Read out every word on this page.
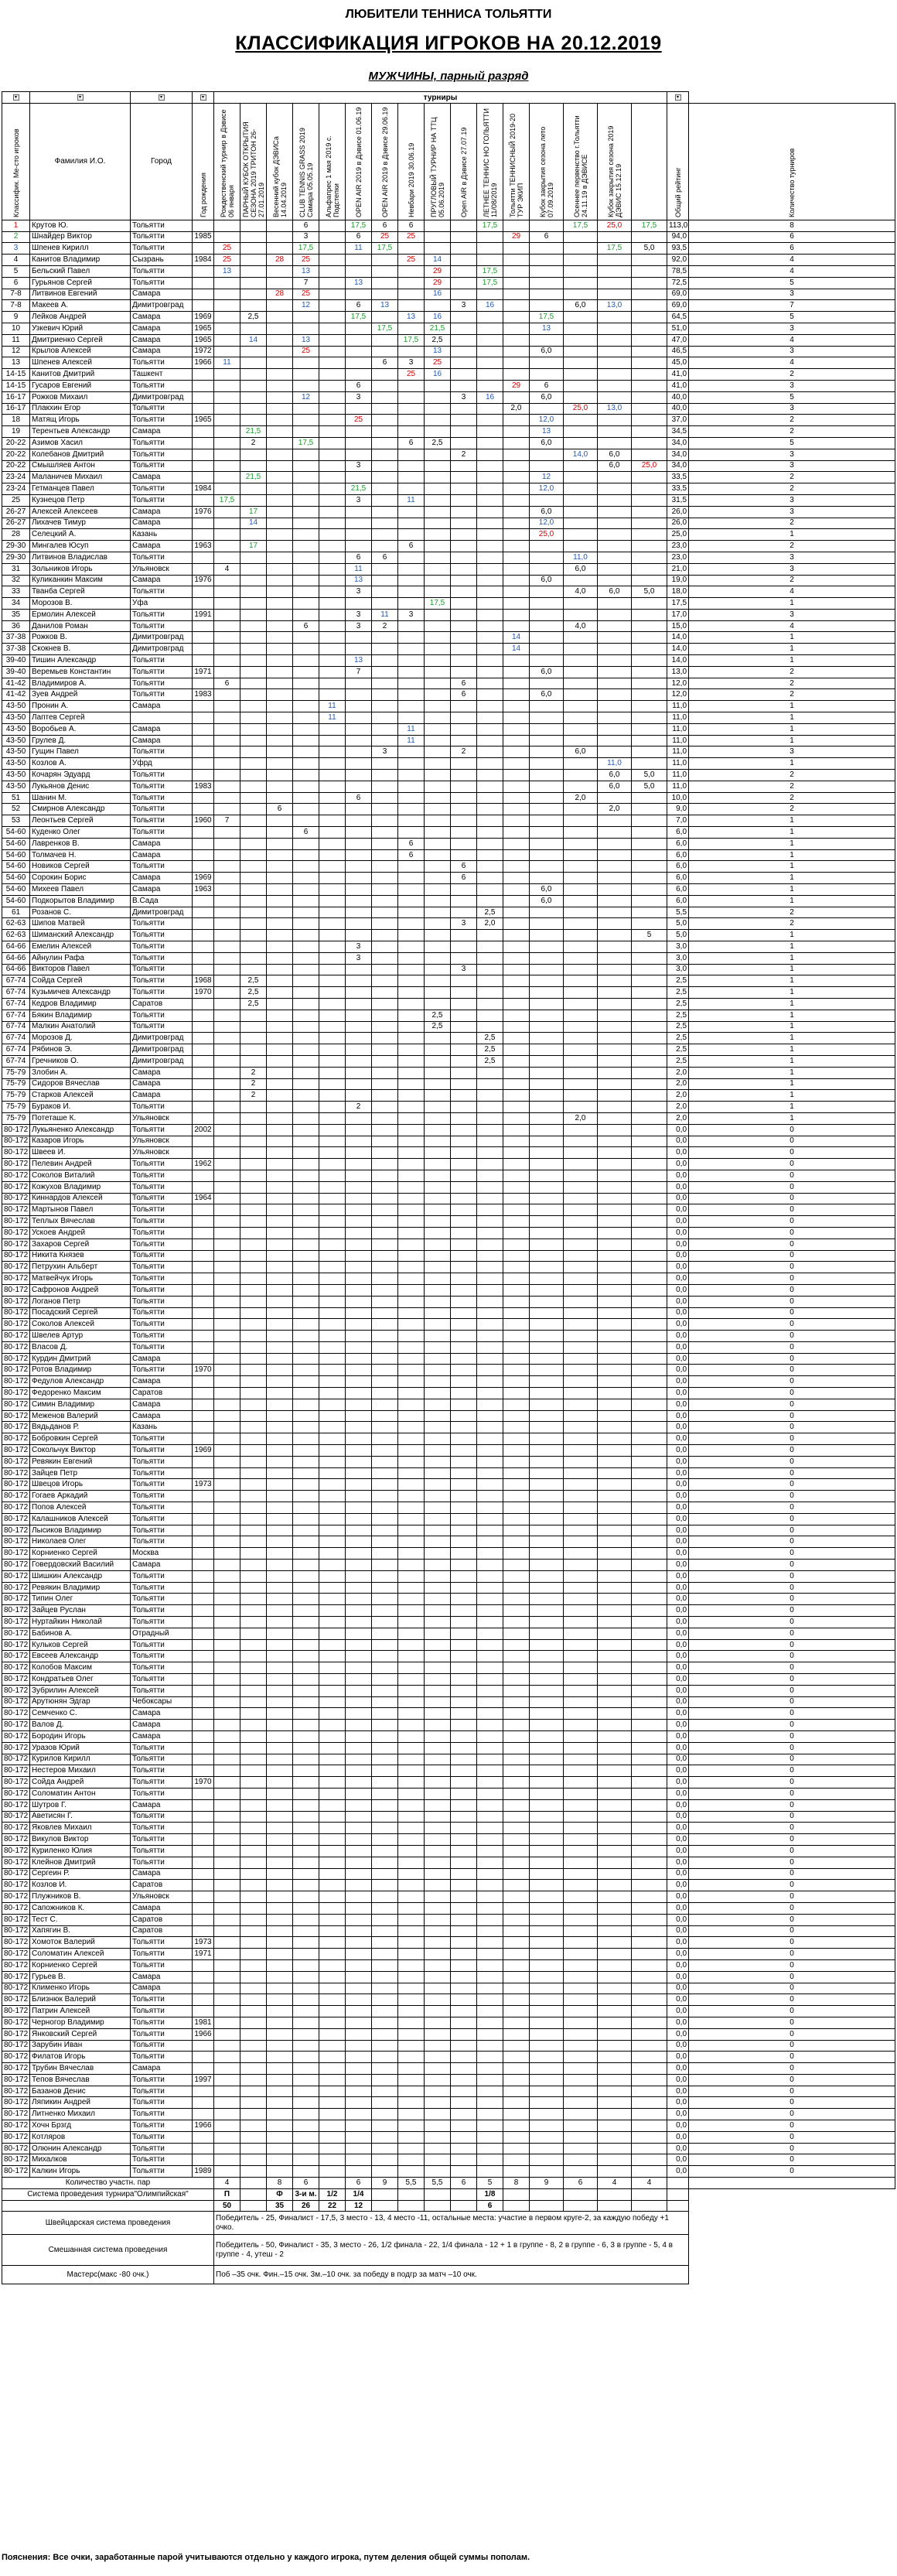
ЛЮБИТЕЛИ ТЕННИСА ТОЛЬЯТТИ
КЛАССИФИКАЦИЯ ИГРОКОВ НА 20.12.2019
МУЖЧИНЫ, парный разряд
▾	▾	▾	▾	турниры																▾	

Классифик. Ме-сто игроков	Фамилия И.О.	Город	Год рождения	Рождественский турнир в Дэвисе 06 января	ПАРНЫЙ КУБОК ОТКРЫТИЯ СЕЗОНА 2019 ТРИТОН 26-27.01.2019	Весенний кубок ДЭВИСа 14.04.2019	CLUB TENNIS GRASS 2019 Самара 05.05.19	Альфапрес 1 мая 2019 с. Подстепки	OPEN AIR 2019 в Дэвисе 01.06.19	OPEN AIR 2019 в Дэвисе 29.06.19	Невбари 2019 30.06.19	ПРУГЛОВЫЙ ТУРНИР НА ТТЦ 05.06.2019	Open AIR в Дэвисе 27.07.19	ЛЕТНЕЕ ТЕННИС НО ГОЛЬЯТТИ 11/08/2019	Тольятти ТЕННИСНЫЙ 2019-20 ТУР ЭКИП	Кубок закрытия сезона лето 07.09.2019	Осеннее первенство г.Тольятти 24.11.19 в ДЭВИСЕ	Кубок закрытия сезона 2019 ДЭВИС 15.12.19		Общий рейтинг	Количество турниров

1	Крутов Ю.	Тольятти					6		17,5	6	6			17,5			17,5	25,0	17,5	113,0	8
2	Шнайдер Виктор	Тольятти	1985				3		6	25	25				29	6				94,0	6
3	Шпенев Кирилл	Тольятти		25			17,5		11	17,5								17,5	5,0	93,5	6
4	Канитов Владимир	Сызрань	1984	25		28	25				25	14								92,0	4
5	Бельский Павел	Тольятти		13			13					29		17,5						78,5	4
6	Гурьянов Сергей	Тольятти					7		13			29		17,5						72,5	5
7-8	Литвинов Евгений	Самара				28	25					16								69,0	3
7-8	Макеев А.	Димитровград					12		6	13			3	16			6,0	13,0		69,0	7
9	Лейков Андрей	Самара	1969		2,5				17,5		13	16				17,5				64,5	5
10	Узкевич Юрий	Самара	1965							17,5		21,5				13				51,0	3
11	Дмитриенко Сергей	Самара	1965		14		13				17,5	2,5								47,0	4
12	Крылов Алексей	Самара	1972				25					13				6,0				46,5	3
13	Шпенев Алексей	Тольятти	1966	11						6	3	25								45,0	4
14-15	Канитов Дмитрий	Ташкент									25	16								41,0	2
14-15	Гусаров Евгений	Тольятти							6						29	6				41,0	3
16-17	Рожков Михаил	Димитровград					12		3				3	16		6,0				40,0	5
16-17	Плакхин Егор	Тольятти													2,0		25,0	13,0		40,0	3
18	Матящ Игорь	Тольятти	1965						25							12,0				37,0	2
19	Терентьев Александр	Самара			21,5											13				34,5	2
20-22	Азимов Хасил	Тольятти			2		17,5				6	2,5				6,0				34,0	5
20-22	Колебанов Дмитрий	Тольятти											2				14,0	6,0		34,0	3
20-22	Смышляев Антон	Тольятти							3									6,0	25,0	34,0	3
23-24	Маланичев Михаил	Самара			21,5											12				33,5	2
23-24	Гетманцев Павел	Тольятти	1984						21,5							12,0				33,5	2
25	Кузнецов Петр	Тольятти		17,5					3		11									31,5	3
26-27	Алексей Алексеев	Самара	1976		17											6,0				26,0	3
26-27	Лихачев Тимур	Самара			14											12,0				26,0	2
28	Селецкий А.	Казань														25,0				25,0	1
29-30	Мингалев Юсуп	Самара	1963		17						6									23,0	2
29-30	Литвинов Владислав	Тольятти							6	6							11,0			23,0	3
31	Зольников Игорь	Ульяновск		4					11								6,0			21,0	3
32	Куликанкин Максим	Самара	1976						13							6,0				19,0	2
33	Тванба Сергей	Тольятти							3								4,0	6,0	5,0	18,0	4
34	Морозов В.	Уфа										17,5								17,5	1
35	Ермолин Алексей	Тольятти	1991						3	11	3									17,0	3
36	Данилов Роман	Тольятти					6		3	2							4,0			15,0	4
37-38	Рожков В.	Димитровград													14					14,0	1
37-38	Скокнев В.	Димитровград													14					14,0	1
39-40	Тишин Александр	Тольятти							13											14,0	1
39-40	Веремьев Константин	Тольятти	1971						7							6,0				13,0	2
41-42	Владимиров А.	Тольятти		6									6							12,0	2
41-42	Зуев Андрей	Тольятти	1983										6			6,0				12,0	2
43-50	Пронин А.	Самара						11												11,0	1
43-50	Лаптев Сергей							11												11,0	1
43-50	Воробьев А.	Самара									11									11,0	1
43-50	Грулев Д.	Самара									11									11,0	1
43-50	Гущин Павел	Тольятти								3			2				6,0			11,0	3
43-50	Козлов А.	Уфрд																11,0		11,0	1
43-50	Кочарян Эдуард	Тольятти																6,0	5,0	11,0	2
43-50	Лукьянов Денис	Тольятти	1983															6,0	5,0	11,0	2
51	Шанин М.	Тольятти							6								2,0			10,0	2
52	Смирнов Александр	Тольятти				6												2,0		9,0	2
53	Леонтьев Сергей	Тольятти	1960	7																7,0	1
54-60	Куденко Олег	Тольятти					6													6,0	1
54-60	Лавренков В.	Самара									6									6,0	1
54-60	Толмачев Н.	Самара									6									6,0	1
54-60	Новиков Сергей	Тольятти											6							6,0	1
54-60	Сорокин Борис	Самара	1969										6							6,0	1
54-60	Михеев Павел	Самара	1963													6,0				6,0	1
54-60	Подкорытов Владимир	В.Сада														6,0				6,0	1
61	Розанов С.	Димитровград												2,5						5,5	2
62-63	Шипов Матвей	Тольятти											3	2,0						5,0	2
62-63	Шиманский Александр	Тольятти																	5	5,0	1
64-66	Емелин Алексей	Тольятти							3											3,0	1
64-66	Айнулин Рафа	Тольятти							3											3,0	1
64-66	Викторов Павел	Тольятти											3							3,0	1
67-74	Сойда Сергей	Тольятти	1968		2,5															2,5	1
67-74	Кузьмичев Александр	Тольятти	1970		2,5															2,5	1
67-74	Кедров Владимир	Саратов			2,5															2,5	1
67-74	Бякин Владимир	Тольятти										2,5								2,5	1
67-74	Малкин Анатолий	Тольятти										2,5								2,5	1
67-74	Морозов Д.	Димитровград												2,5						2,5	1
67-74	Рябинов Э.	Димитровград												2,5						2,5	1
67-74	Гречников О.	Димитровград												2,5						2,5	1
75-79	Злобин А.	Самара			2															2,0	1
75-79	Сидоров Вячеслав	Самара			2															2,0	1
75-79	Старков Алексей	Самара			2															2,0	1
75-79	Бураков И.	Тольятти							2											2,0	1
75-79	Потеташе К.	Ульяновск															2,0			2,0	1
80-172	Лукьяненко Александр	Тольятти	2002																	0,0	0
80-172	Казаров Игорь	Ульяновск																		0,0	0
80-172	Швеев И.	Ульяновск																		0,0	0
80-172	Пелевин Андрей	Тольятти	1962																	0,0	0
80-172	Соколов Виталий	Тольятти																		0,0	0
80-172	Кожухов Владимир	Тольятти																		0,0	0
80-172	Киннардов Алексей	Тольятти	1964																	0,0	0
80-172	Мартынов Павел	Тольятти																		0,0	0
80-172	Теплых Вячеслав	Тольятти																		0,0	0
80-172	Ускоев Андрей	Тольятти																		0,0	0
80-172	Захаров Сергей	Тольятти																		0,0	0
80-172	Никита Князев	Тольятти																		0,0	0
80-172	Петрухин Альберт	Тольятти																		0,0	0
80-172	Матвейчук Игорь	Тольятти																		0,0	0
80-172	Сафронов Андрей	Тольятти																		0,0	0
80-172	Логанов Петр	Тольятти																		0,0	0
80-172	Посадский Сергей	Тольятти																		0,0	0
80-172	Соколов Алексей	Тольятти																		0,0	0
80-172	Швелев Артур	Тольятти																		0,0	0
80-172	Власов Д.	Тольятти																		0,0	0
80-172	Курдин Дмитрий	Самара																		0,0	0
80-172	Ротов Владимир	Тольятти	1970																	0,0	0
80-172	Федулов Александр	Самара																		0,0	0
80-172	Федоренко Максим	Саратов																		0,0	0
80-172	Симин Владимир	Самара																		0,0	0
80-172	Меженов Валерий	Самара																		0,0	0
80-172	Вядьданов Р.	Казань																		0,0	0
80-172	Бобровкин Сергей	Тольятти																		0,0	0
80-172	Сокольчук Виктор	Тольятти	1969																	0,0	0
80-172	Ревякин Евгений	Тольятти																		0,0	0
80-172	Зайцев Петр	Тольятти																		0,0	0
80-172	Швецов Игорь	Тольятти	1973																	0,0	0
80-172	Гогаев Аркадий	Тольятти																		0,0	0
80-172	Попов Алексей	Тольятти																		0,0	0
80-172	Калашников Алексей	Тольятти																		0,0	0
80-172	Лысиков Владимир	Тольятти																		0,0	0
80-172	Николаев Олег	Тольятти																		0,0	0
80-172	Корниенко Сергей	Москва																		0,0	0
80-172	Говердовский Василий	Самара																		0,0	0
80-172	Шишкин Александр	Тольятти																		0,0	0
80-172	Ревякин Владимир	Тольятти																		0,0	0
80-172	Типин Олег	Тольятти																		0,0	0
80-172	Зайцев Руслан	Тольятти																		0,0	0
80-172	Нуртайкин Николай	Тольятти																		0,0	0
80-172	Бабинов А.	Отрадный																		0,0	0
80-172	Кульков Сергей	Тольятти																		0,0	0
80-172	Евсеев Александр	Тольятти																		0,0	0
80-172	Колобов Максим	Тольятти																		0,0	0
80-172	Кондратьев Олег	Тольятти																		0,0	0
80-172	Зубрилин Алексей	Тольятти																		0,0	0
80-172	Арутюнян Эдгар	Чебоксары																		0,0	0
80-172	Семченко С.	Самара																		0,0	0
80-172	Валов Д.	Самара																		0,0	0
80-172	Бородин Игорь	Самара																		0,0	0
80-172	Уразов Юрий	Тольятти																		0,0	0
80-172	Курилов Кирилл	Тольятти																		0,0	0
80-172	Нестеров Михаил	Тольятти																		0,0	0
80-172	Сойда Андрей	Тольятти	1970																	0,0	0
80-172	Соломатин Антон	Тольятти																		0,0	0
80-172	Шутров Г.	Самара																		0,0	0
80-172	Аветисян Г.	Тольятти																		0,0	0
80-172	Яковлев Михаил	Тольятти																		0,0	0
80-172	Викулов Виктор	Тольятти																		0,0	0
80-172	Куриленко Юлия	Тольятти																		0,0	0
80-172	Клейнов Дмитрий	Тольятти																		0,0	0
80-172	Сергеин Р.	Самара																		0,0	0
80-172	Козлов И.	Саратов																		0,0	0
80-172	Плужников В.	Ульяновск																		0,0	0
80-172	Сапожников К.	Самара																		0,0	0
80-172	Тест С.	Саратов																		0,0	0
80-172	Хапягин В.	Саратов																		0,0	0
80-172	Хомоток Валерий	Тольятти	1973																	0,0	0
80-172	Соломатин Алексей	Тольятти	1971																	0,0	0
80-172	Корниенко Сергей	Тольятти																		0,0	0
80-172	Гурьев В.	Самара																		0,0	0
80-172	Клименко Игорь	Самара																		0,0	0
80-172	Близнюк Валерий	Тольятти																		0,0	0
80-172	Патрин Алексей	Тольятти																		0,0	0
80-172	Черногор Владимир	Тольятти	1981																	0,0	0
80-172	Янковский Сергей	Тольятти	1966																	0,0	0
80-172	Зарубин Иван	Тольятти																		0,0	0
80-172	Филатов Игорь	Тольятти																		0,0	0
80-172	Трубин Вячеслав	Самара																		0,0	0
80-172	Тепов Вячеслав	Тольятти	1997																	0,0	0
80-172	Базанов Денис	Тольятти																		0,0	0
80-172	Ляпикин Андрей	Тольятти																		0,0	0
80-172	Литненко Михаил	Тольятти																		0,0	0
80-172	Хочн Брзгд	Тольятти	1966																	0,0	0
80-172	Котляров	Тольятти																		0,0	0
80-172	Олюнин Александр	Тольятти																		0,0	0
80-172	Михалков	Тольятти																		0,0	0
80-172	Калкин Игорь	Тольятти	1989																	0,0	0
Количество участн. пар				4		8	6		6	9	5,5	5,5	6	5	8	9	6	4	4		
Система проведения турнира"Олимпийская"				П		Ф	3-и м.	1/2	1/4					1/8							
				50		35	26	22	12					6							
Швейцарская система проведения				Победитель - 25, Финалист - 17,5, 3 место - 13, 4 место -11, остальные места: участие в первом круге-2, за каждую победу +1 очко.																	
Смешанная система проведения				Победитель - 50, Финалист - 35, 3 место - 26, 1/2 финала - 22, 1/4 финала - 12 + 1 в группе - 8, 2 в группе - 6, 3 в группе - 5, 4 в группе - 4, утеш - 2																	
Мастерс(макс -80 очк.)				Поб –35 очк. Фин.–15 очк. 3м.–10 очк. за победу в подгр за матч –10 очк.																	
Пояснения: Все очки, заработанные парой учитываются отдельно у каждого игрока, путем деления общей суммы пополам.
